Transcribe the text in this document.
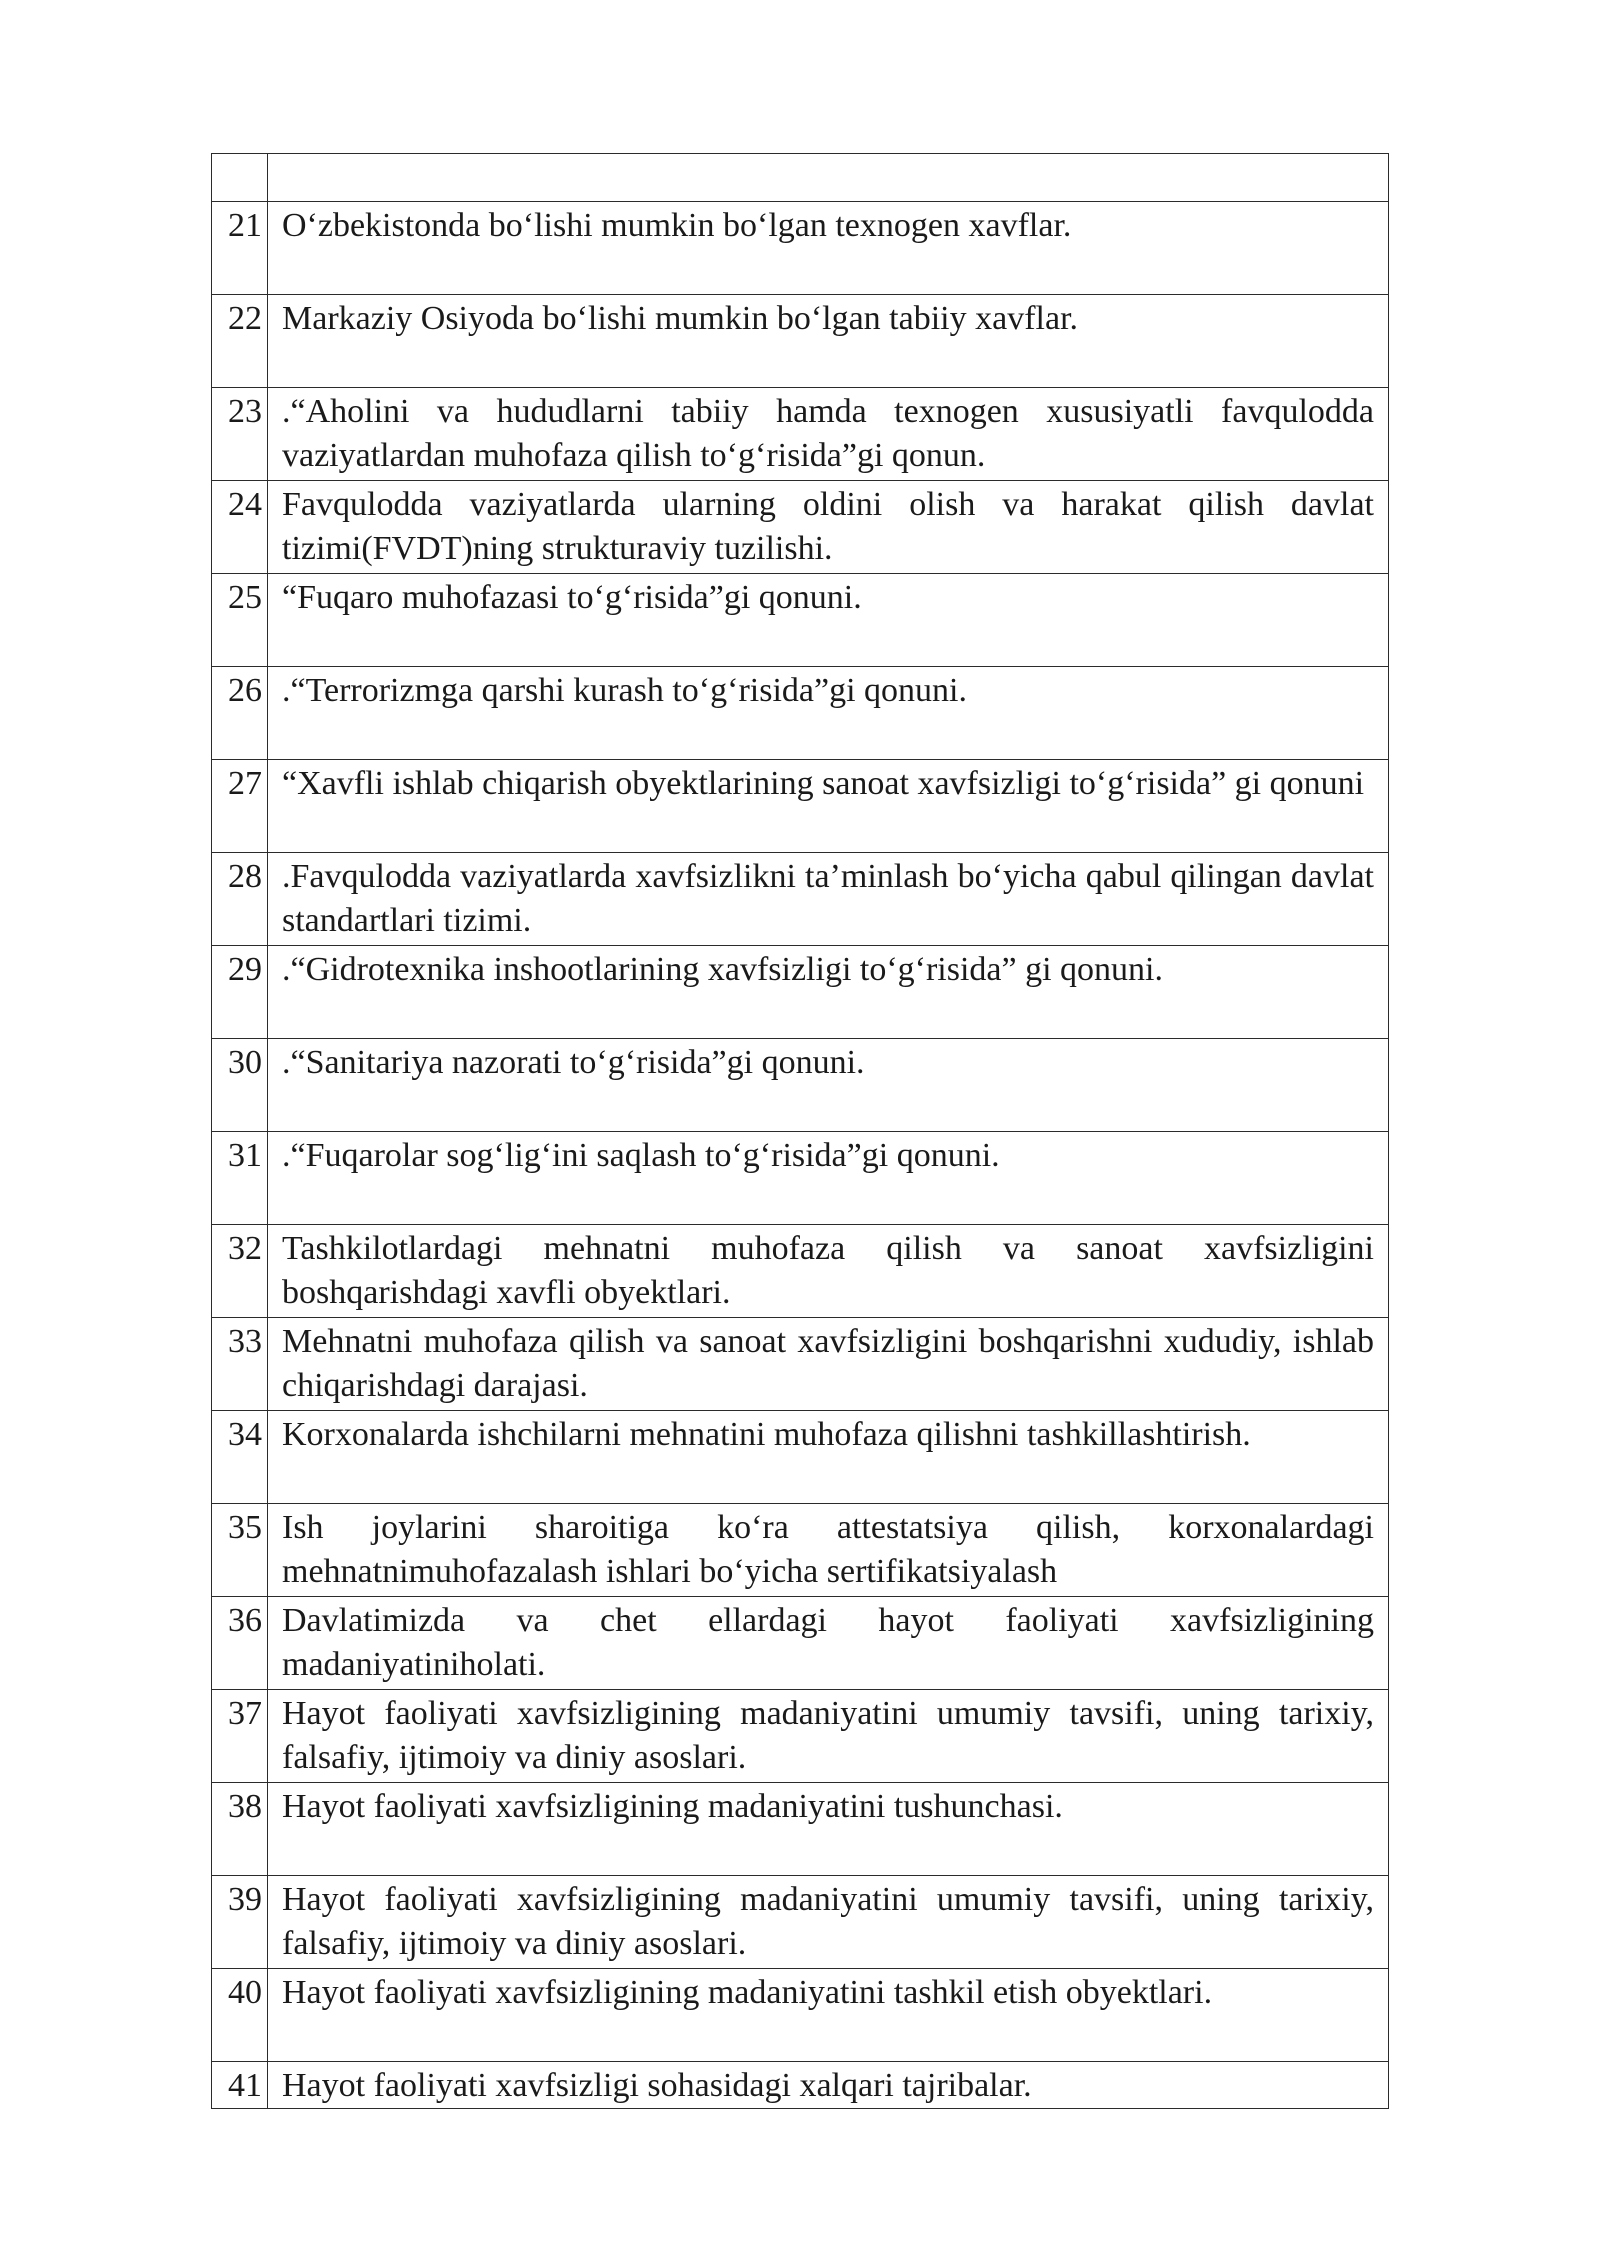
21	O‘zbekistonda bo‘lishi mumkin bo‘lgan texnogen xavflar.
22	Markaziy Osiyoda bo‘lishi mumkin bo‘lgan tabiiy xavflar.
23	.“Aholini va hududlarni tabiiy hamda texnogen xususiyatli favqulodda vaziyatlardan muhofaza qilish to‘g‘risida”gi qonun.
24	Favqulodda vaziyatlarda ularning oldini olish va harakat qilish davlat tizimi(FVDT)ning strukturaviy tuzilishi.
25	“Fuqaro muhofazasi to‘g‘risida”gi qonuni.
26	.“Terrorizmga qarshi kurash to‘g‘risida”gi qonuni.
27	“Xavfli ishlab chiqarish obyektlarining sanoat xavfsizligi to‘g‘risida” gi qonuni
28	.Favqulodda vaziyatlarda xavfsizlikni ta’minlash bo‘yicha qabul qilingan davlat standartlari tizimi.
29	.“Gidrotexnika inshootlarining xavfsizligi to‘g‘risida” gi qonuni.
30	.“Sanitariya nazorati to‘g‘risida”gi qonuni.
31	.“Fuqarolar sog‘lig‘ini saqlash to‘g‘risida”gi qonuni.
32	Tashkilotlardagi mehnatni muhofaza qilish va sanoat xavfsizligini boshqarishdagi xavfli obyektlari.
33	Mehnatni muhofaza qilish va sanoat xavfsizligini boshqarishni xududiy, ishlab chiqarishdagi darajasi.
34	Korxonalarda ishchilarni mehnatini muhofaza qilishni tashkillashtirish.
35	Ish joylarini sharoitiga ko‘ra attestatsiya qilish, korxonalardagi mehnatnimuhofazalash ishlari bo‘yicha sertifikatsiyalash
36	Davlatimizda va chet ellardagi hayot faoliyati xavfsizligining madaniyatiniholati.
37	Hayot faoliyati xavfsizligining madaniyatini umumiy tavsifi, uning tarixiy, falsafiy, ijtimoiy va diniy asoslari.
38	Hayot faoliyati xavfsizligining madaniyatini tushunchasi.
39	Hayot faoliyati xavfsizligining madaniyatini umumiy tavsifi, uning tarixiy, falsafiy, ijtimoiy va diniy asoslari.
40	Hayot faoliyati xavfsizligining madaniyatini tashkil etish obyektlari.
41	Hayot faoliyati xavfsizligi sohasidagi xalqari tajribalar.
